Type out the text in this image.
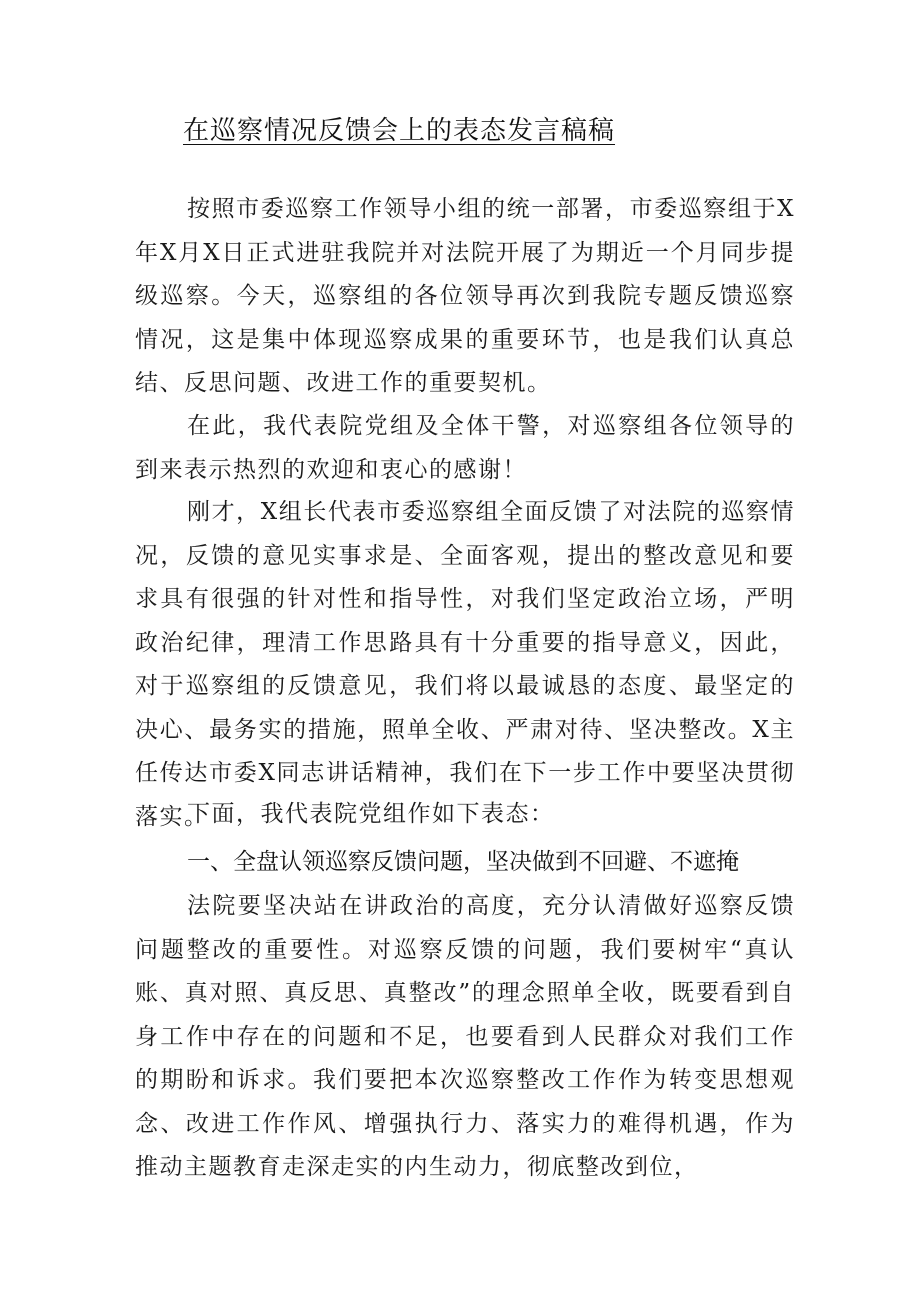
在巡察情况反馈会上的表态发言稿稿

按照市委巡察工作领导小组的统一部署，市委巡察组于X年X月X日正式进驻我院并对法院开展了为期近一个月同步提级巡察。今天，巡察组的各位领导再次到我院专题反馈巡察情况，这是集中体现巡察成果的重要环节，也是我们认真总结、反思问题、改进工作的重要契机。

在此，我代表院党组及全体干警，对巡察组各位领导的到来表示热烈的欢迎和衷心的感谢！

刚才，X组长代表市委巡察组全面反馈了对法院的巡察情况，反馈的意见实事求是、全面客观，提出的整改意见和要求具有很强的针对性和指导性，对我们坚定政治立场，严明政治纪律，理清工作思路具有十分重要的指导意义，因此，对于巡察组的反馈意见，我们将以最诚恳的态度、最坚定的决心、最务实的措施，照单全收、严肃对待、坚决整改。X主任传达市委X同志讲话精神，我们在下一步工作中要坚决贯彻落实。

下面，我代表院党组作如下表态：

一、全盘认领巡察反馈问题，坚决做到不回避、不遮掩

法院要坚决站在讲政治的高度，充分认清做好巡察反馈问题整改的重要性。对巡察反馈的问题，我们要树牢“真认账、真对照、真反思、真整改”的理念照单全收，既要看到自身工作中存在的问题和不足，也要看到人民群众对我们工作的期盼和诉求。我们要把本次巡察整改工作作为转变思想观念、改进工作作风、增强执行力、落实力的难得机遇，作为推动主题教育走深走实的内生动力，彻底整改到位，
